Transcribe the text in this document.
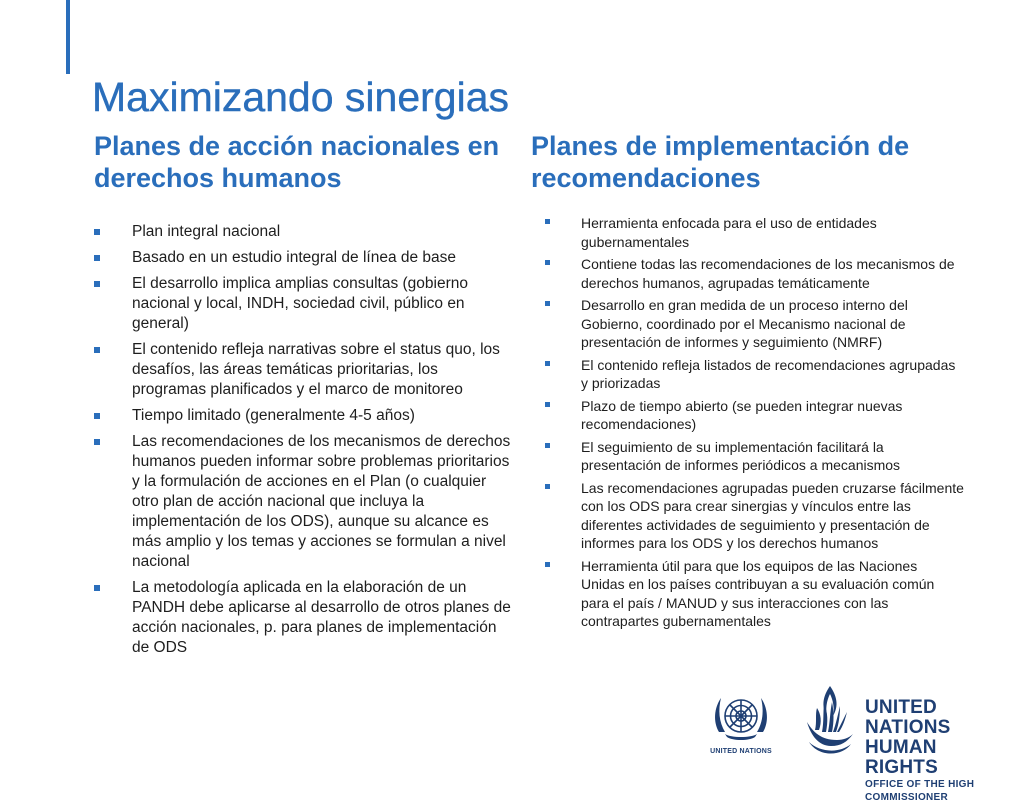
Maximizando sinergias
Planes de acción nacionales en derechos humanos
Planes de implementación de recomendaciones
Plan integral nacional
Basado en un estudio integral de línea de base
El desarrollo implica amplias consultas (gobierno nacional y local, INDH, sociedad civil, público en general)
El contenido refleja narrativas sobre el status quo, los desafíos, las áreas temáticas prioritarias, los programas planificados y el marco de monitoreo
Tiempo limitado (generalmente 4-5 años)
Las recomendaciones de los mecanismos de derechos humanos pueden informar sobre problemas prioritarios y la formulación de acciones en el Plan (o cualquier otro plan de acción nacional que incluya la implementación de los ODS), aunque su alcance es más amplio y los temas y acciones se formulan a nivel nacional
La metodología aplicada en la elaboración de un PANDH debe aplicarse al desarrollo de otros planes de acción nacionales, p. para planes de implementación de ODS
Herramienta enfocada para el uso de entidades gubernamentales
Contiene todas las recomendaciones de los mecanismos de derechos humanos, agrupadas temáticamente
Desarrollo en gran medida de un proceso interno del Gobierno, coordinado por el Mecanismo nacional de presentación de informes y seguimiento (NMRF)
El contenido refleja listados de recomendaciones agrupadas y priorizadas
Plazo de tiempo abierto (se pueden integrar nuevas recomendaciones)
El seguimiento de su implementación facilitará la presentación de informes periódicos a mecanismos
Las recomendaciones agrupadas pueden cruzarse fácilmente con los ODS para crear sinergias y vínculos entre las diferentes actividades de seguimiento y presentación de informes para los ODS y los derechos humanos
Herramienta útil para que los equipos de las Naciones Unidas en los países contribuyan a su evaluación común para el país / MANUD y sus interacciones con las contrapartes gubernamentales
UNITED NATIONS
UNITED NATIONS
HUMAN RIGHTS
OFFICE OF THE HIGH COMMISSIONER
